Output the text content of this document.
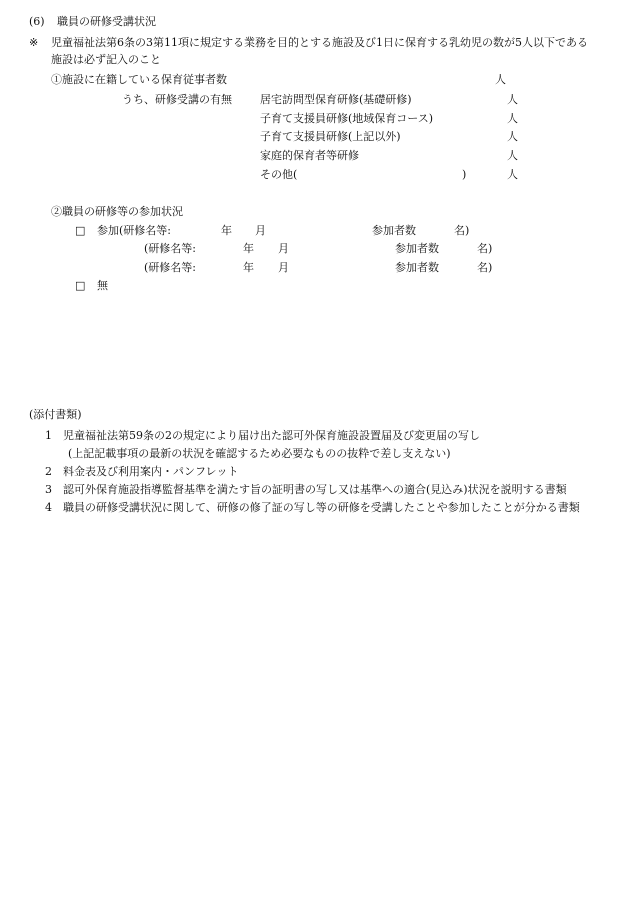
(6) 職員の研修受講状況
※ 児童福祉法第6条の3第11項に規定する業務を目的とする施設及び1日に保育する乳幼児の数が5人以下である
施設は必ず記入のこと
①施設に在籍している保育従事者数	人
うち、研修受講の有無	居宅訪問型保育研修(基礎研修)	人
子育て支援員研修(地域保育コース)	人
子育て支援員研修(上記以外)	人
家庭的保育者等研修	人
その他(	)	人
②職員の研修等の参加状況
□ 参加 (研修名等:	年 月	参加者数	名)
(研修名等:	年 月	参加者数	名)
(研修名等:	年 月	参加者数	名)
□ 無
(添付書類)
1 児童福祉法第59条の2の規定により届け出た認可外保育施設設置届及び変更届の写し
(上記記載事項の最新の状況を確認するため必要なものの抜粋で差し支えない)
2 料金表及び利用案内・パンフレット
3 認可外保育施設指導監督基準を満たす旨の証明書の写し又は基準への適合(見込み)状況を説明する書類
4 職員の研修受講状況に関して、研修の修了証の写し等の研修を受講したことや参加したことが分かる書類
